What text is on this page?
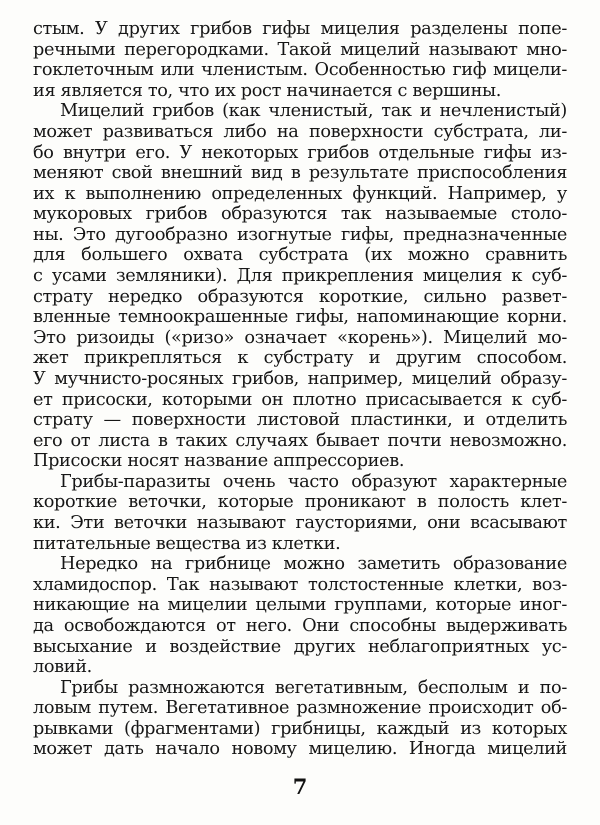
стым. У других грибов гифы мицелия разделены попе-

речными перегородками. Такой мицелий называют мно-

гоклеточным или членистым. Особенностью гиф мицели-

ия является то, что их рост начинается с вершины.

Мицелий грибов (как членистый, так и нечленистый)

может развиваться либо на поверхности субстрата, ли-

бо внутри его. У некоторых грибов отдельные гифы из-

меняют свой внешний вид в результате приспособления

их к выполнению определенных функций. Например, у

мукоровых грибов образуются так называемые столо-

ны. Это дугообразно изогнутые гифы, предназначенные

для большего охвата субстрата (их можно сравнить

с усами земляники). Для прикрепления мицелия к суб-

страту нередко образуются короткие, сильно развет-

вленные темноокрашенные гифы, напоминающие корни.

Это ризоиды («ризо» означает «корень»). Мицелий мо-

жет прикрепляться к субстрату и другим способом.

У мучнисто-росяных грибов, например, мицелий образу-

ет присоски, которыми он плотно присасывается к суб-

страту — поверхности листовой пластинки, и отделить

его от листа в таких случаях бывает почти невозможно.

Присоски носят название аппрессориев.

Грибы-паразиты очень часто образуют характерные

короткие веточки, которые проникают в полость клет-

ки. Эти веточки называют гаусториями, они всасывают

питательные вещества из клетки.

Нередко на грибнице можно заметить образование

хламидоспор. Так называют толстостенные клетки, воз-

никающие на мицелии целыми группами, которые иног-

да освобождаются от него. Они способны выдерживать

высыхание и воздействие других неблагоприятных ус-

ловий.

Грибы размножаются вегетативным, бесполым и по-

ловым путем. Вегетативное размножение происходит об-

рывками (фрагментами) грибницы, каждый из которых

может дать начало новому мицелию. Иногда мицелий

7
